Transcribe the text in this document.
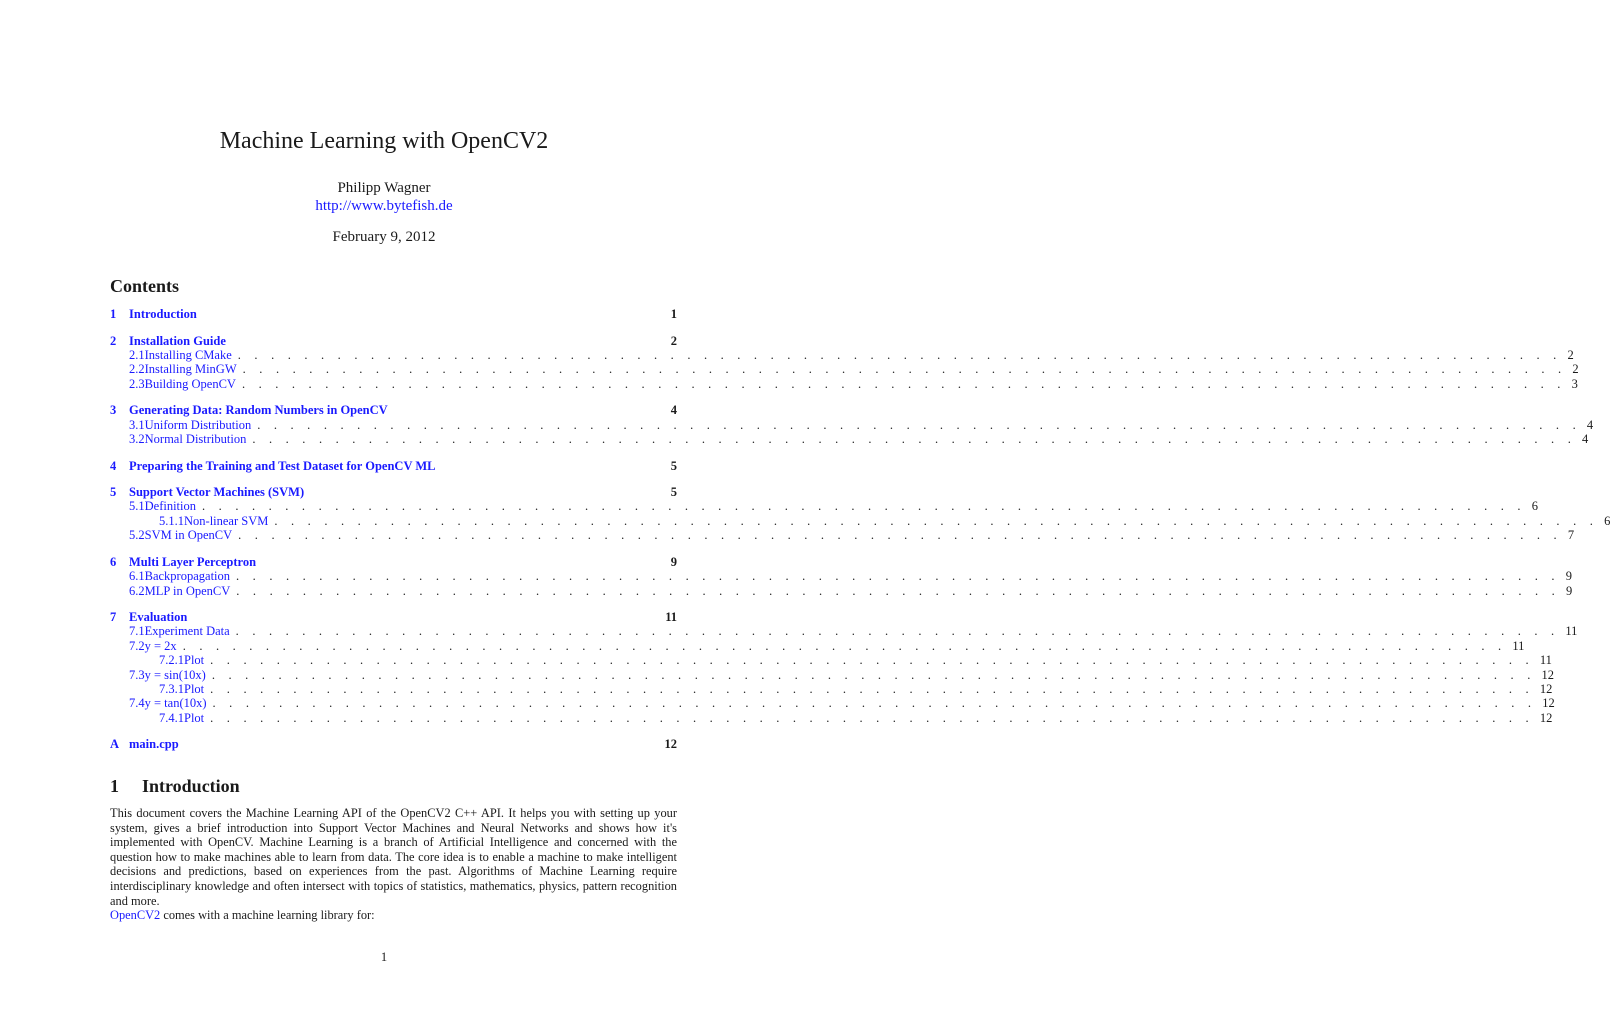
Machine Learning with OpenCV2
Philipp Wagner
http://www.bytefish.de
February 9, 2012
Contents
1	Introduction	1
2	Installation Guide	2
2.1 Installing CMake . . . . . . . . . . . . . . . . . . . . . . . . . . . . . . . . . . . . . . . . . . . . . . . . . . . . . . . . . . . . . . . . . . . . . . . . . . . . . . . . 2
2.2 Installing MinGW . . . . . . . . . . . . . . . . . . . . . . . . . . . . . . . . . . . . . . . . . . . . . . . . . . . . . . . . . . . . . . . . . . . . . . . . . . . . . . . . 2
2.3 Building OpenCV . . . . . . . . . . . . . . . . . . . . . . . . . . . . . . . . . . . . . . . . . . . . . . . . . . . . . . . . . . . . . . . . . . . . . . . . . . . . . . . . 3
3	Generating Data: Random Numbers in OpenCV	4
3.1 Uniform Distribution . . . . . . . . . . . . . . . . . . . . . . . . . . . . . . . . . . . . . . . . . . . . . . . . . . . . . . . . . . . . . . . . . . . . . . . . . . . . . . . . 4
3.2 Normal Distribution . . . . . . . . . . . . . . . . . . . . . . . . . . . . . . . . . . . . . . . . . . . . . . . . . . . . . . . . . . . . . . . . . . . . . . . . . . . . . . . . 4
4	Preparing the Training and Test Dataset for OpenCV ML	5
5	Support Vector Machines (SVM)	5
5.1 Definition . . . . . . . . . . . . . . . . . . . . . . . . . . . . . . . . . . . . . . . . . . . . . . . . . . . . . . . . . . . . . . . . . . . . . . . . . . . . . . . . 6
5.1.1 Non-linear SVM . . . . . . . . . . . . . . . . . . . . . . . . . . . . . . . . . . . . . . . . . . . . . . . . . . . . . . . . . . . . . . . . . . . . . . . . . . . . . . . . 6
5.2 SVM in OpenCV . . . . . . . . . . . . . . . . . . . . . . . . . . . . . . . . . . . . . . . . . . . . . . . . . . . . . . . . . . . . . . . . . . . . . . . . . . . . . . . . 7
6	Multi Layer Perceptron	9
6.1 Backpropagation . . . . . . . . . . . . . . . . . . . . . . . . . . . . . . . . . . . . . . . . . . . . . . . . . . . . . . . . . . . . . . . . . . . . . . . . . . . . . . . . 9
6.2 MLP in OpenCV . . . . . . . . . . . . . . . . . . . . . . . . . . . . . . . . . . . . . . . . . . . . . . . . . . . . . . . . . . . . . . . . . . . . . . . . . . . . . . . . 9
7	Evaluation	11
7.1 Experiment Data . . . . . . . . . . . . . . . . . . . . . . . . . . . . . . . . . . . . . . . . . . . . . . . . . . . . . . . . . . . . . . . . . . . . . . . . . . . . . . . . 11
7.2 y = 2x . . . . . . . . . . . . . . . . . . . . . . . . . . . . . . . . . . . . . . . . . . . . . . . . . . . . . . . . . . . . . . . . . . . . . . . . . . . . . . . . 11
7.2.1 Plot . . . . . . . . . . . . . . . . . . . . . . . . . . . . . . . . . . . . . . . . . . . . . . . . . . . . . . . . . . . . . . . . . . . . . . . . . . . . . . . . 11
7.3 y = sin(10x) . . . . . . . . . . . . . . . . . . . . . . . . . . . . . . . . . . . . . . . . . . . . . . . . . . . . . . . . . . . . . . . . . . . . . . . . . . . . . . . . 12
7.3.1 Plot . . . . . . . . . . . . . . . . . . . . . . . . . . . . . . . . . . . . . . . . . . . . . . . . . . . . . . . . . . . . . . . . . . . . . . . . . . . . . . . . 12
7.4 y = tan(10x) . . . . . . . . . . . . . . . . . . . . . . . . . . . . . . . . . . . . . . . . . . . . . . . . . . . . . . . . . . . . . . . . . . . . . . . . . . . . . . . . 12
7.4.1 Plot . . . . . . . . . . . . . . . . . . . . . . . . . . . . . . . . . . . . . . . . . . . . . . . . . . . . . . . . . . . . . . . . . . . . . . . . . . . . . . . . 12
A main.cpp	12
1 Introduction
This document covers the Machine Learning API of the OpenCV2 C++ API. It helps you with setting up your system, gives a brief introduction into Support Vector Machines and Neural Networks and shows how it's implemented with OpenCV. Machine Learning is a branch of Artificial Intelligence and concerned with the question how to make machines able to learn from data. The core idea is to enable a machine to make intelligent decisions and predictions, based on experiences from the past. Algorithms of Machine Learning require interdisciplinary knowledge and often intersect with topics of statistics, mathematics, physics, pattern recognition and more.
OpenCV2 comes with a machine learning library for:
1
